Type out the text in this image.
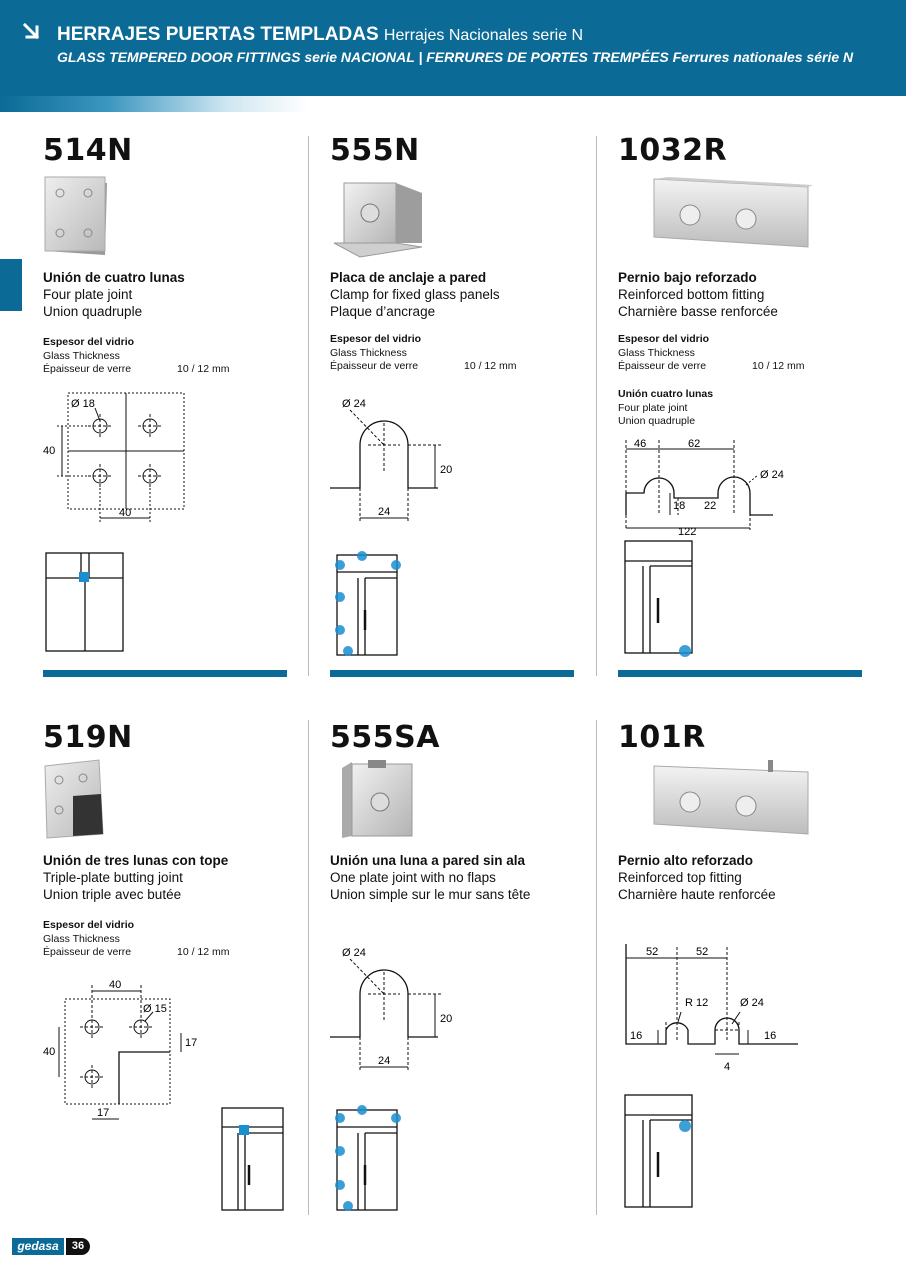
HERRAJES PUERTAS TEMPLADAS Herrajes Nacionales serie N
GLASS TEMPERED DOOR FITTINGS serie NACIONAL | FERRURES DE PORTES TREMPÉES Ferrures nationales série N
514N
Unión de cuatro lunas
Four plate joint
Union quadruple
Espesor del vidrio
Glass Thickness
Épaisseur de verre	10 / 12 mm
Ø 18
40
40
555N
Placa de anclaje a pared
Clamp for fixed glass panels
Plaque d’ancrage
Espesor del vidrio
Glass Thickness
Épaisseur de verre	10 / 12 mm
Ø 24
20
24
1032R
Pernio bajo reforzado
Reinforced bottom fitting
Charnière basse renforcée
Espesor del vidrio
Glass Thickness
Épaisseur de verre	10 / 12 mm
Unión cuatro lunas
Four plate joint
Union quadruple
46	62
Ø 24
18 22
122
519N
Unión de tres lunas con tope
Triple-plate butting joint
Union triple avec butée
Espesor del vidrio
Glass Thickness
Épaisseur de verre	10 / 12 mm
40
Ø 15
40
17
17
555SA
Unión una luna a pared sin ala
One plate joint with no flaps
Union simple sur le mur sans tête
Ø 24
20
24
101R
Pernio alto reforzado
Reinforced top fitting
Charnière haute renforcée
52	52
R 12	Ø 24
16	16
4
gedasa	36
